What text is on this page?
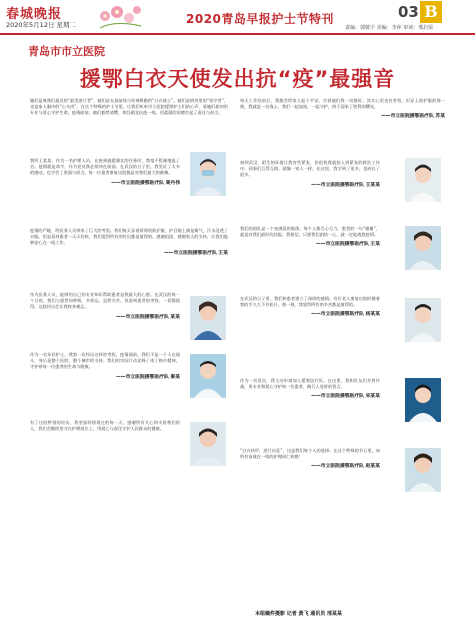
春城晚报
2020年5月12日 星期二	2020青岛早报护士节特刊	03 B
责编：郭敬宇 美编：李萍 审读：邢启荣
青岛市市立医院
援鄂白衣天使发出抗“疫”最强音

她们是离我们最近的“最美逆行者”，她们是在最前线与死神赛跑的“白衣战士”。她们是病房里的“坚守者”，也是家人眼中的“心头肉”。在这个特殊的护士节里，让我们听听市立医院援鄂护士们的心声，看她们如何用专业与爱心守护生命。疫情面前，她们毅然请缨，奔赴湖北抗疫一线，用柔弱的肩膀扛起了责任与担当。

我叫王某某，作为一名护理人员，在接到驰援湖北的任务时，我毫不犹豫地报了名。疫情就是命令，作为党员我必须冲在前面。在武汉的日子里，我见证了太多的感动，也学会了坚强与担当。每一位患者康复出院都是对我们最大的鼓舞。

——市立医院援鄂医疗队 周丹伟

疫情的严峻，给医务人员带来了巨大的考验。我们每天穿着厚厚的防护服，护目镜上满是雾气，汗水浸透了衣服。但是看到患者一天天好转，我们觉得所有的付出都是值得的。感谢祖国、感谢家人的支持，让我们能够安心在一线工作。

——市立医院援鄂医疗队 王某

作为医务人员，能够用自己的专业知识帮助患者是我最大的心愿。在武汉的每一个日夜，我们与患者同呼吸、共命运。虽然辛苦，但看到患者的笑容，一切都值得。这段经历会让我终身难忘。

——市立医院援鄂医疗队 某某

作为一名年轻护士，我第一次经历这样的考验。疫情面前，我们不是一个人在战斗，身后是整个医院、整个城市的支持。我们用实际行动诠释了南丁格尔精神，守护着每一位患者的生命与健康。

——市立医院援鄂医疗队 秦某

有了这段特别的经历，我更加珍惜现在的每一天。感谢所有关心和支持我们的人，我们会继续坚守在护理岗位上，用爱心与责任守护人民群众的健康。

每天工作结束后，我都会给家人报个平安，告诉他们我一切都好。其实心里也有害怕，但穿上防护服的那一刻，我就是一名战士。我们一起加油，一起守护，终于迎来了胜利的曙光。

——市立医院援鄂医疗队 苏某

初到武汉，陌生的环境让我有些紧张，但很快我就投入到紧张的救治工作中。同事们互帮互助，就像一家人一样。在这里，我学到了很多，也成长了很多。

——市立医院援鄂医疗队 王某某

我们的团队是一个充满爱的集体，每个人都尽心尽力。患者的一句“谢谢”，就是对我们最好的回报。我相信，只要我们团结一心，就一定能战胜疫情。

——市立医院援鄂医疗队 王某

在武汉的日子里，我们和患者建立了深厚的感情。有位老人康复出院时握着我的手久久不肯松开。那一刻，我觉得所有的辛苦都是值得的。

——市立医院援鄂医疗队 杨某某

作为一名党员，我主动申请加入援鄂医疗队。在这里，我和队友们并肩作战，用专业和爱心守护每一位患者，践行入党时的誓言。

——市立医院援鄂医疗队 宋某某

“白衣执甲，逆行出征”，这是我们每个人的选择。在这个特殊的节日里，向所有奋战在一线的护理同仁致敬！

——市立医院援鄂医疗队 赵某某

本组稿件摄影 记者 黄飞 通讯员 邢某某
